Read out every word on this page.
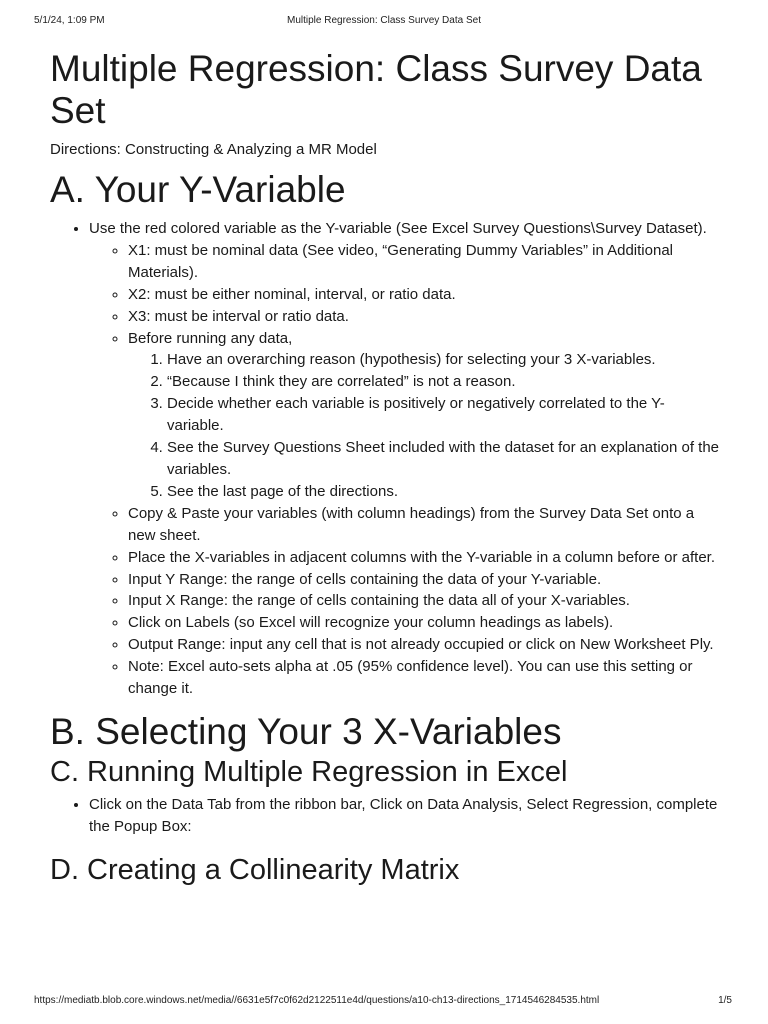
5/1/24, 1:09 PM	Multiple Regression: Class Survey Data Set
Multiple Regression: Class Survey Data Set

Directions: Constructing & Analyzing a MR Model

A. Your Y-Variable
• Use the red colored variable as the Y-variable (See Excel Survey Questions\Survey Dataset).
◦ X1: must be nominal data (See video, “Generating Dummy Variables” in Additional Materials).
◦ X2: must be either nominal, interval, or ratio data.
◦ X3: must be interval or ratio data.
◦ Before running any data,
1. Have an overarching reason (hypothesis) for selecting your 3 X-variables.
2. “Because I think they are correlated” is not a reason.
3. Decide whether each variable is positively or negatively correlated to the Y-variable.
4. See the Survey Questions Sheet included with the dataset for an explanation of the variables.
5. See the last page of the directions.
◦ Copy & Paste your variables (with column headings) from the Survey Data Set onto a new sheet.
◦ Place the X-variables in adjacent columns with the Y-variable in a column before or after.
◦ Input Y Range: the range of cells containing the data of your Y-variable.
◦ Input X Range: the range of cells containing the data all of your X-variables.
◦ Click on Labels (so Excel will recognize your column headings as labels).
◦ Output Range: input any cell that is not already occupied or click on New Worksheet Ply.
◦ Note: Excel auto-sets alpha at .05 (95% confidence level). You can use this setting or change it.
B. Selecting Your 3 X-Variables
C. Running Multiple Regression in Excel
• Click on the Data Tab from the ribbon bar, Click on Data Analysis, Select Regression, complete the Popup Box:
D. Creating a Collinearity Matrix
https://mediatb.blob.core.windows.net/media//6631e5f7c0f62d2122511e4d/questions/a10-ch13-directions_1714546284535.html	1/5
